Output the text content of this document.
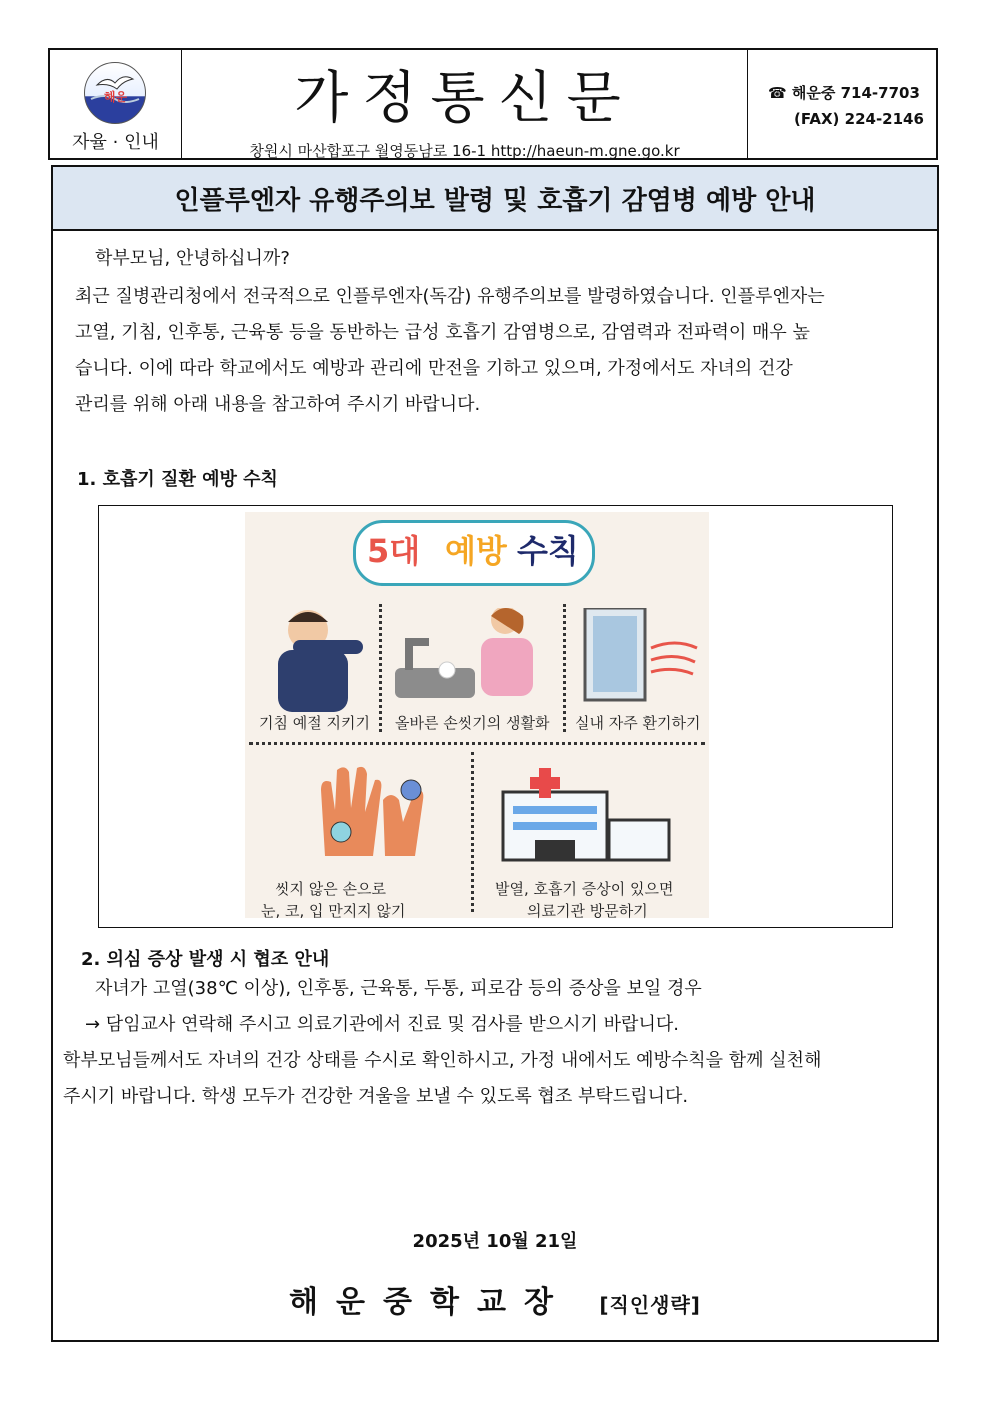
해운
자율 · 인내
가정통신문
창원시 마산합포구 월영동남로 16-1 http://haeun-m.gne.go.kr
☎ 해운중 714-7703
(FAX) 224-2146
인플루엔자 유행주의보 발령 및 호흡기 감염병 예방 안내
학부모님, 안녕하십니까?
최근 질병관리청에서 전국적으로 인플루엔자(독감) 유행주의보를 발령하였습니다. 인플루엔자는
고열, 기침, 인후통, 근육통 등을 동반하는 급성 호흡기 감염병으로, 감염력과 전파력이 매우 높
습니다. 이에 따라 학교에서도 예방과 관리에 만전을 기하고 있으며, 가정에서도 자녀의 건강
관리를 위해 아래 내용을 참고하여 주시기 바랍니다.
1. 호흡기 질환 예방 수칙
5대 예방 수칙
기침 예절 지키기 올바른 손씻기의 생활화 실내 자주 환기하기
씻지 않은 손으로
눈, 코, 입 만지지 않기
발열, 호흡기 증상이 있으면
의료기관 방문하기
2. 의심 증상 발생 시 협조 안내
자녀가 고열(38℃ 이상), 인후통, 근육통, 두통, 피로감 등의 증상을 보일 경우
→ 담임교사 연락해 주시고 의료기관에서 진료 및 검사를 받으시기 바랍니다.
학부모님들께서도 자녀의 건강 상태를 수시로 확인하시고, 가정 내에서도 예방수칙을 함께 실천해
주시기 바랍니다. 학생 모두가 건강한 겨울을 보낼 수 있도록 협조 부탁드립니다.
2025년 10월 21일
해운중학교장 [직인생략]
